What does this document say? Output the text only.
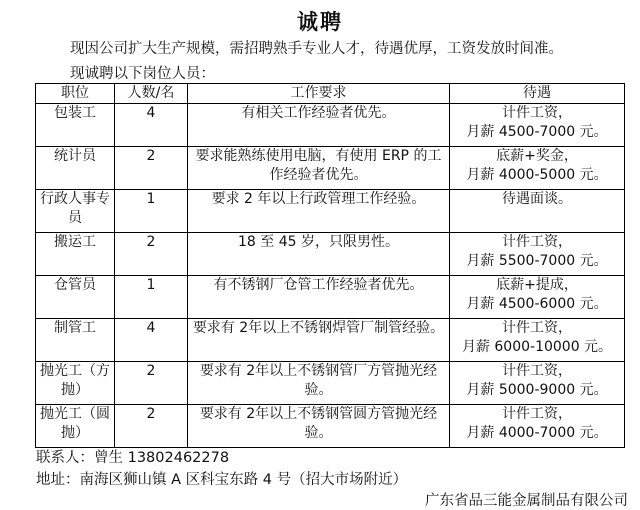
诚聘
现因公司扩大生产规模，需招聘熟手专业人才，待遇优厚，工资发放时间准。
现诚聘以下岗位人员：
职位	人数/名	工作要求	待遇
包装工	4	有相关工作经验者优先。	计件工资，
月薪 4500-7000 元。

统计员	2	要求能熟练使用电脑，有使用 ERP 的工作经验者优先。	底薪+奖金，
月薪 4000-5000 元。

行政人事专员	1	要求 2 年以上行政管理工作经验。	待遇面谈。

搬运工	2	18 至 45 岁，只限男性。	计件工资，
月薪 5500-7000 元。

仓管员	1	有不锈钢厂仓管工作经验者优先。	底薪+提成，
月薪 4500-6000 元。

制管工	4	要求有 2年以上不锈钢焊管厂制管经验。	计件工资，
月薪 6000-10000 元。

抛光工（方抛）	2	要求有 2年以上不锈钢管厂方管抛光经验。	计件工资，
月薪 5000-9000 元。

抛光工（圆抛）	2	要求有 2年以上不锈钢管圆方管抛光经验。	计件工资，
月薪 4000-7000 元。
联系人：曾生 13802462278
地址：南海区狮山镇 A 区科宝东路 4 号（招大市场附近）
广东省品三能金属制品有限公司
